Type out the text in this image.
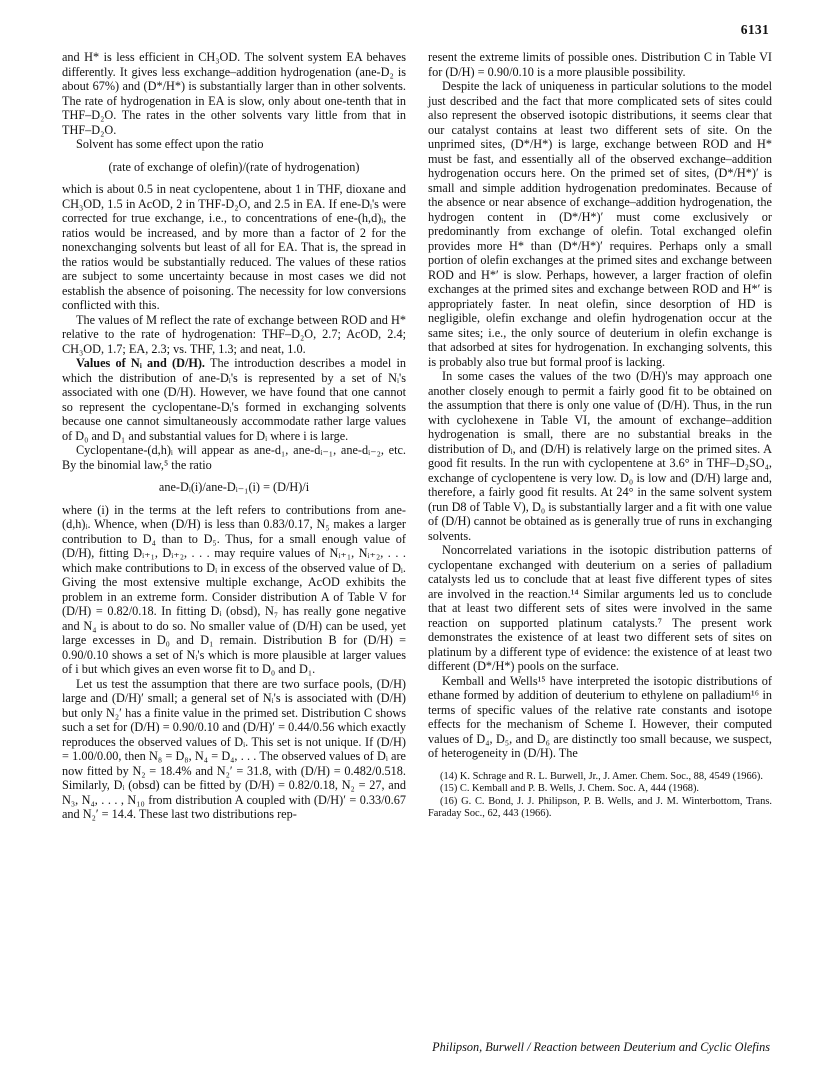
6131

and H* is less efficient in CH₃OD. The solvent system EA behaves differently. It gives less exchange–addition hydrogenation (ane-D₂ is about 67%) and (D*/H*) is substantially larger than in other solvents. The rate of hydrogenation in EA is slow, only about one-tenth that in THF–D₂O. The rates in the other solvents vary little from that in THF–D₂O.

Solvent has some effect upon the ratio

(rate of exchange of olefin)/(rate of hydrogenation)

which is about 0.5 in neat cyclopentene, about 1 in THF, dioxane and CH₃OD, 1.5 in AcOD, 2 in THF-D₂O, and 2.5 in EA. If ene-Dᵢ's were corrected for true exchange, i.e., to concentrations of ene-(h,d)ᵢ, the ratios would be increased, and by more than a factor of 2 for the nonexchanging solvents but least of all for EA. That is, the spread in the ratios would be substantially reduced. The values of these ratios are subject to some uncertainty because in most cases we did not establish the absence of poisoning. The necessity for low conversions conflicted with this.

The values of M reflect the rate of exchange between ROD and H* relative to the rate of hydrogenation: THF–D₂O, 2.7; AcOD, 2.4; CH₃OD, 1.7; EA, 2.3; vs. THF, 1.3; and neat, 1.0.

Values of Nᵢ and (D/H). The introduction describes a model in which the distribution of ane-Dᵢ's is represented by a set of Nᵢ's associated with one (D/H). However, we have found that one cannot so represent the cyclopentane-Dᵢ's formed in exchanging solvents because one cannot simultaneously accommodate rather large values of D₀ and D₁ and substantial values for Dᵢ where i is large.

Cyclopentane-(d,h)ᵢ will appear as ane-d₁, ane-dᵢ₋₁, ane-dᵢ₋₂, etc. By the binomial law,⁵ the ratio

ane-Dᵢ(i)/ane-Dᵢ₋₁(i) = (D/H)/i

where (i) in the terms at the left refers to contributions from ane-(d,h)ᵢ. Whence, when (D/H) is less than 0.83/0.17, N₅ makes a larger contribution to D₄ than to D₅. Thus, for a small enough value of (D/H), fitting Dᵢ₊₁, Dᵢ₊₂, . . . may require values of Nᵢ₊₁, Nᵢ₊₂, . . . which make contributions to Dᵢ in excess of the observed value of Dᵢ. Giving the most extensive multiple exchange, AcOD exhibits the problem in an extreme form. Consider distribution A of Table V for (D/H) = 0.82/0.18. In fitting Dᵢ (obsd), N₇ has really gone negative and N₄ is about to do so. No smaller value of (D/H) can be used, yet large excesses in D₀ and D₁ remain. Distribution B for (D/H) = 0.90/0.10 shows a set of Nᵢ's which is more plausible at larger values of i but which gives an even worse fit to D₀ and D₁.

Let us test the assumption that there are two surface pools, (D/H) large and (D/H)′ small; a general set of Nᵢ's is associated with (D/H) but only N₂′ has a finite value in the primed set. Distribution C shows such a set for (D/H) = 0.90/0.10 and (D/H)′ = 0.44/0.56 which exactly reproduces the observed values of Dᵢ. This set is not unique. If (D/H) = 1.00/0.00, then N₈ = D₈, N₄ = D₄, . . . The observed values of Dᵢ are now fitted by N₂ = 18.4% and N₂′ = 31.8, with (D/H) = 0.482/0.518. Similarly, Dᵢ (obsd) can be fitted by (D/H) = 0.82/0.18, N₂ = 27, and N₃, N₄, . . . , N₁₀ from distribution A coupled with (D/H)′ = 0.33/0.67 and N₂′ = 14.4. These last two distributions rep-

resent the extreme limits of possible ones. Distribution C in Table VI for (D/H) = 0.90/0.10 is a more plausible possibility.

Despite the lack of uniqueness in particular solutions to the model just described and the fact that more complicated sets of sites could also represent the observed isotopic distributions, it seems clear that our catalyst contains at least two different sets of site. On the unprimed sites, (D*/H*) is large, exchange between ROD and H* must be fast, and essentially all of the observed exchange–addition hydrogenation occurs here. On the primed set of sites, (D*/H*)′ is small and simple addition hydrogenation predominates. Because of the absence or near absence of exchange–addition hydrogenation, the hydrogen content in (D*/H*)′ must come exclusively or predominantly from exchange of olefin. Total exchanged olefin provides more H* than (D*/H*)′ requires. Perhaps only a small portion of olefin exchanges at the primed sites and exchange between ROD and H*′ is slow. Perhaps, however, a larger fraction of olefin exchanges at the primed sites and exchange between ROD and H*′ is appropriately faster. In neat olefin, since desorption of HD is negligible, olefin exchange and olefin hydrogenation occur at the same sites; i.e., the only source of deuterium in olefin exchange is that adsorbed at sites for hydrogenation. In exchanging solvents, this is probably also true but formal proof is lacking.

In some cases the values of the two (D/H)'s may approach one another closely enough to permit a fairly good fit to be obtained on the assumption that there is only one value of (D/H). Thus, in the run with cyclohexene in Table VI, the amount of exchange–addition hydrogenation is small, there are no substantial breaks in the distribution of Dᵢ, and (D/H) is relatively large on the primed sites. A good fit results. In the run with cyclopentene at 3.6° in THF–D₂SO₄, exchange of cyclopentene is very low. D₀ is low and (D/H) large and, therefore, a fairly good fit results. At 24° in the same solvent system (run D8 of Table V), D₀ is substantially larger and a fit with one value of (D/H) cannot be obtained as is generally true of runs in exchanging solvents.

Noncorrelated variations in the isotopic distribution patterns of cyclopentane exchanged with deuterium on a series of palladium catalysts led us to conclude that at least five different types of sites are involved in the reaction.¹⁴ Similar arguments led us to conclude that at least two different sets of sites were involved in the same reaction on supported platinum catalysts.⁷ The present work demonstrates the existence of at least two different sets of sites on platinum by a different type of evidence: the existence of at least two different (D*/H*) pools on the surface.

Kemball and Wells¹⁵ have interpreted the isotopic distributions of ethane formed by addition of deuterium to ethylene on palladium¹⁶ in terms of specific values of the relative rate constants and isotope effects for the mechanism of Scheme I. However, their computed values of D₄, D₅, and D₆ are distinctly too small because, we suspect, of heterogeneity in (D/H). The

(14) K. Schrage and R. L. Burwell, Jr., J. Amer. Chem. Soc., 88, 4549 (1966).

(15) C. Kemball and P. B. Wells, J. Chem. Soc. A, 444 (1968).

(16) G. C. Bond, J. J. Philipson, P. B. Wells, and J. M. Winterbottom, Trans. Faraday Soc., 62, 443 (1966).

Philipson, Burwell / Reaction between Deuterium and Cyclic Olefins
